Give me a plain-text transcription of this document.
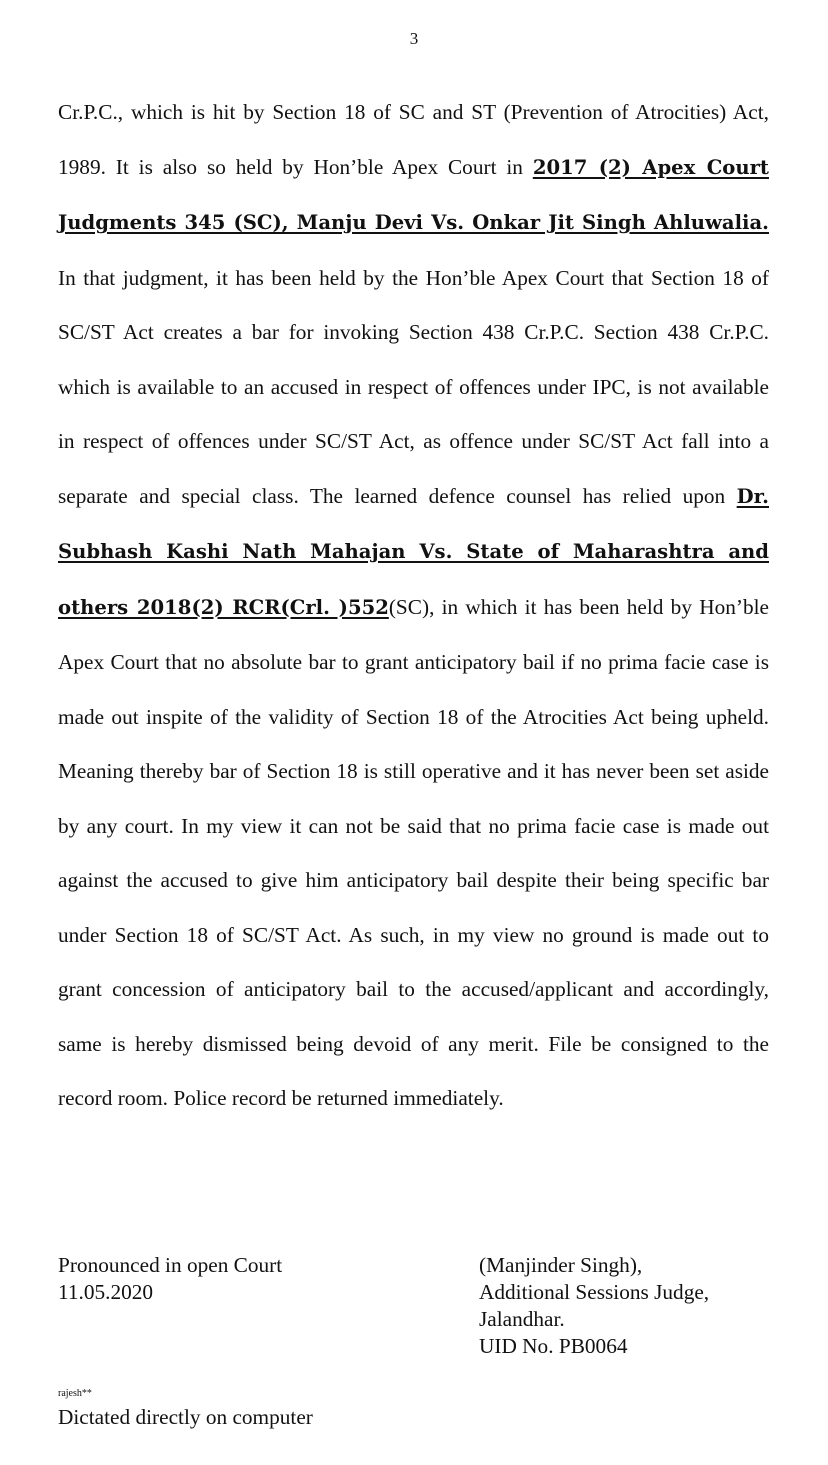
3

Cr.P.C., which is hit by Section 18 of SC and ST (Prevention of Atrocities) Act, 1989. It is also so held by Hon’ble Apex Court in 2017 (2) Apex Court Judgments 345 (SC), Manju Devi Vs. Onkar Jit Singh Ahluwalia. In that judgment, it has been held by the Hon’ble Apex Court that Section 18 of SC/ST Act creates a bar for invoking Section 438 Cr.P.C. Section 438 Cr.P.C. which is available to an accused in respect of offences under IPC, is not available in respect of offences under SC/ST Act, as offence under SC/ST Act fall into a separate and special class. The learned defence counsel has relied upon Dr. Subhash Kashi Nath Mahajan Vs. State of Maharashtra and others 2018(2) RCR(Crl. )552(SC), in which it has been held by Hon’ble Apex Court that no absolute bar to grant anticipatory bail if no prima facie case is made out inspite of the validity of Section 18 of the Atrocities Act being upheld. Meaning thereby bar of Section 18 is still operative and it has never been set aside by any court. In my view it can not be said that no prima facie case is made out against the accused to give him anticipatory bail despite their being specific bar under Section 18 of SC/ST Act. As such, in my view no ground is made out to grant concession of anticipatory bail to the accused/applicant and accordingly, same is hereby dismissed being devoid of any merit. File be consigned to the record room. Police record be returned immediately.

Pronounced in open Court
11.05.2020
(Manjinder Singh),
Additional Sessions Judge,
Jalandhar.
UID No. PB0064
rajesh**
Dictated directly on computer
